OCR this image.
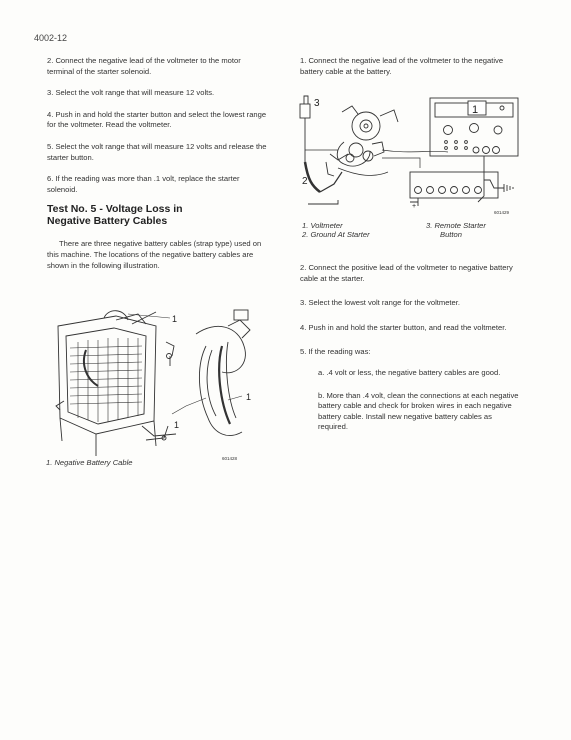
4002-12

2. Connect the negative lead of the voltmeter to the motor terminal of the starter solenoid.

3. Select the volt range that will measure 12 volts.

4. Push in and hold the starter button and select the lowest range for the voltmeter. Read the voltmeter.

5. Select the volt range that will measure 12 volts and release the starter button.

6. If the reading was more than .1 volt, replace the starter solenoid.

Test No. 5 - Voltage Loss in
Negative Battery Cables

There are three negative battery cables (strap type) used on this machine. The locations of the negative battery cables are shown in the following illustration.

1
1
1
1. Negative Battery Cable	601428

1. Connect the negative lead of the voltmeter to the negative battery cable at the battery.

3
1
2
+
601429
1. Voltmeter
2. Ground At Starter
3. Remote Starter
Button

2. Connect the positive lead of the voltmeter to negative battery cable at the starter.

3. Select the lowest volt range for the voltmeter.

4. Push in and hold the starter button, and read the voltmeter.

5. If the reading was:

a. .4 volt or less, the negative battery cables are good.

b. More than .4 volt, clean the connections at each negative battery cable and check for broken wires in each negative battery cable. Install new negative battery cables as required.
